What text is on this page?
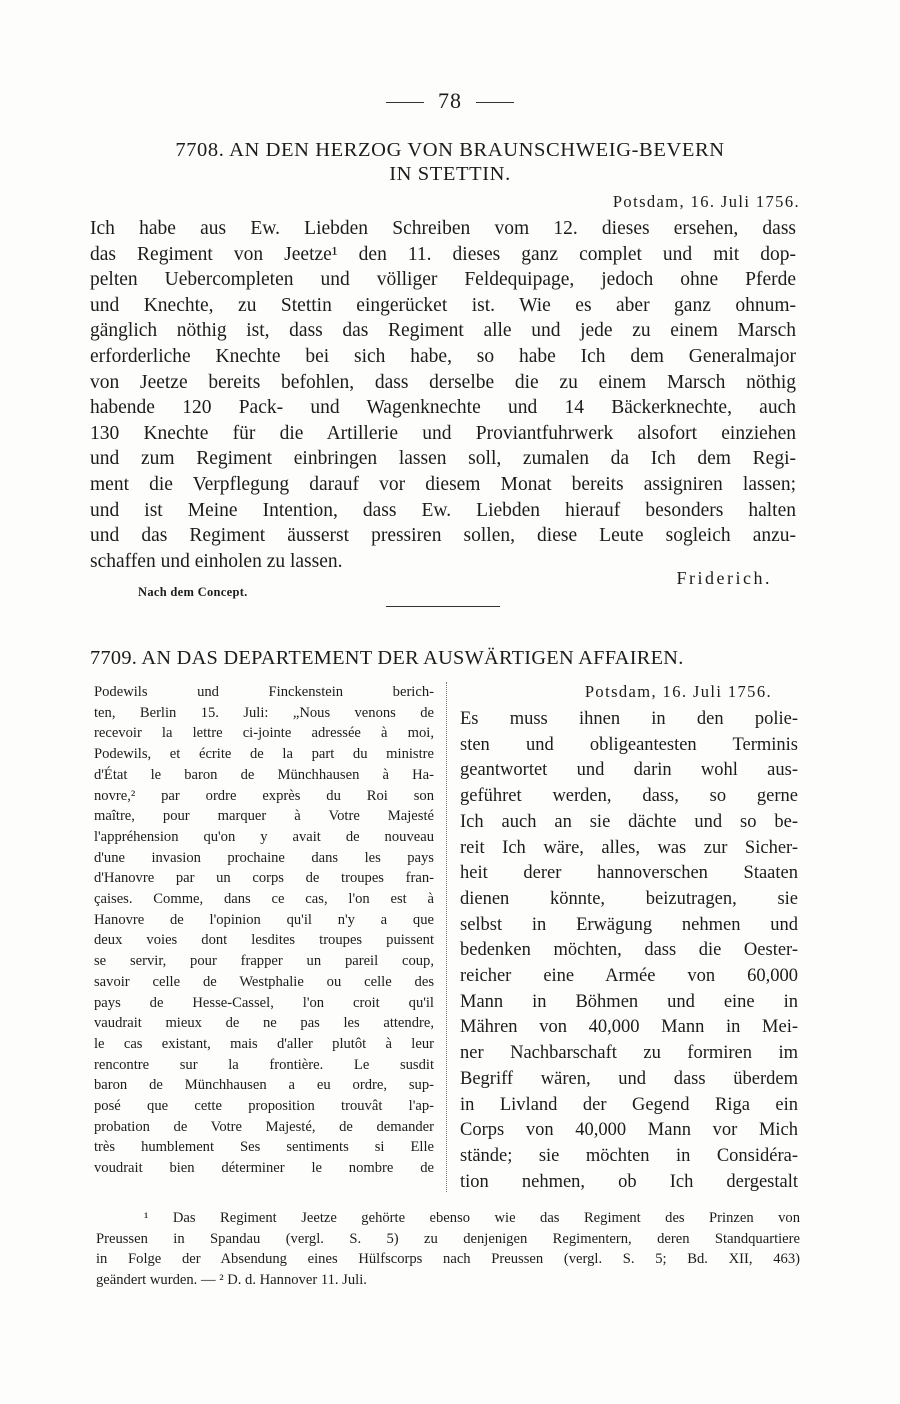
78
7708. AN DEN HERZOG VON BRAUNSCHWEIG-BEVERN
IN STETTIN.
Potsdam, 16. Juli 1756.
Ich habe aus Ew. Liebden Schreiben vom 12. dieses ersehen, dass
das Regiment von Jeetze¹ den 11. dieses ganz complet und mit dop-
pelten Uebercompleten und völliger Feldequipage, jedoch ohne Pferde
und Knechte, zu Stettin eingerücket ist. Wie es aber ganz ohnum-
gänglich nöthig ist, dass das Regiment alle und jede zu einem Marsch
erforderliche Knechte bei sich habe, so habe Ich dem Generalmajor
von Jeetze bereits befohlen, dass derselbe die zu einem Marsch nöthig
habende 120 Pack- und Wagenknechte und 14 Bäckerknechte, auch
130 Knechte für die Artillerie und Proviantfuhrwerk alsofort einziehen
und zum Regiment einbringen lassen soll, zumalen da Ich dem Regi-
ment die Verpflegung darauf vor diesem Monat bereits assigniren lassen;
und ist Meine Intention, dass Ew. Liebden hierauf besonders halten
und das Regiment äusserst pressiren sollen, diese Leute sogleich anzu-
schaffen und einholen zu lassen.
Friderich.
Nach dem Concept.
7709. AN DAS DEPARTEMENT DER AUSWÄRTIGEN AFFAIREN.
Podewils und Finckenstein berich-
ten, Berlin 15. Juli: „Nous venons de
recevoir la lettre ci-jointe adressée à moi,
Podewils, et écrite de la part du ministre
d'État le baron de Münchhausen à Ha-
novre,² par ordre exprès du Roi son
maître, pour marquer à Votre Majesté
l'appréhension qu'on y avait de nouveau
d'une invasion prochaine dans les pays
d'Hanovre par un corps de troupes fran-
çaises. Comme, dans ce cas, l'on est à
Hanovre de l'opinion qu'il n'y a que
deux voies dont lesdites troupes puissent
se servir, pour frapper un pareil coup,
savoir celle de Westphalie ou celle des
pays de Hesse-Cassel, l'on croit qu'il
vaudrait mieux de ne pas les attendre,
le cas existant, mais d'aller plutôt à leur
rencontre sur la frontière. Le susdit
baron de Münchhausen a eu ordre, sup-
posé que cette proposition trouvât l'ap-
probation de Votre Majesté, de demander
très humblement Ses sentiments si Elle
voudrait bien déterminer le nombre de
Potsdam, 16. Juli 1756.
Es muss ihnen in den polie-
sten und obligeantesten Terminis
geantwortet und darin wohl aus-
geführet werden, dass, so gerne
Ich auch an sie dächte und so be-
reit Ich wäre, alles, was zur Sicher-
heit derer hannoverschen Staaten
dienen könnte, beizutragen, sie
selbst in Erwägung nehmen und
bedenken möchten, dass die Oester-
reicher eine Armée von 60,000
Mann in Böhmen und eine in
Mähren von 40,000 Mann in Mei-
ner Nachbarschaft zu formiren im
Begriff wären, und dass überdem
in Livland der Gegend Riga ein
Corps von 40,000 Mann vor Mich
stände; sie möchten in Considéra-
tion nehmen, ob Ich dergestalt
¹ Das Regiment Jeetze gehörte ebenso wie das Regiment des Prinzen von
Preussen in Spandau (vergl. S. 5) zu denjenigen Regimentern, deren Standquartiere
in Folge der Absendung eines Hülfscorps nach Preussen (vergl. S. 5; Bd. XII, 463)
geändert wurden. — ² D. d. Hannover 11. Juli.
